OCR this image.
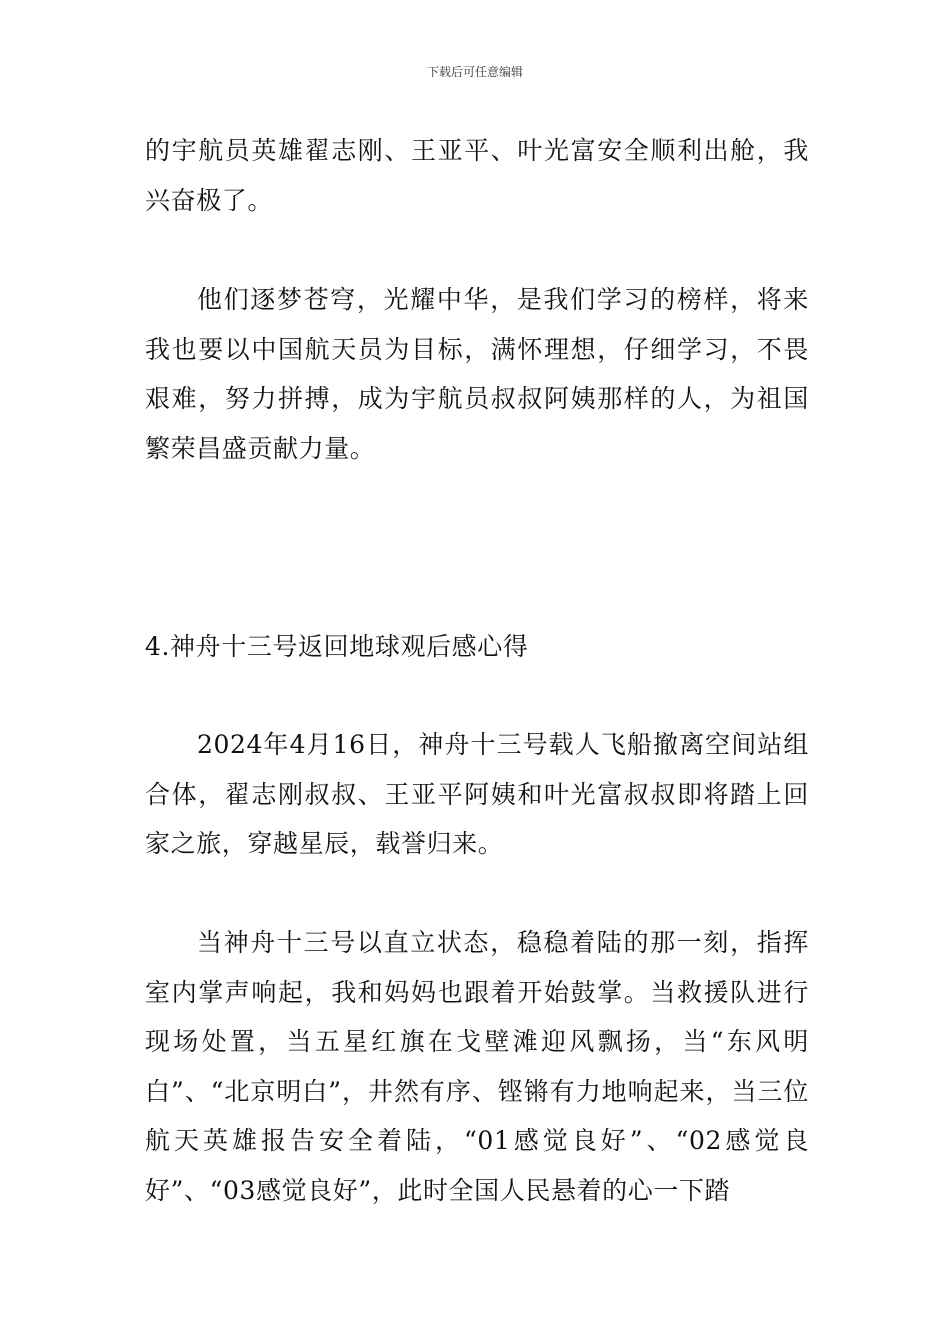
下载后可任意编辑

的宇航员英雄翟志刚、王亚平、叶光富安全顺利出舱，我兴奋极了。

他们逐梦苍穹，光耀中华，是我们学习的榜样，将来我也要以中国航天员为目标，满怀理想，仔细学习，不畏艰难，努力拼搏，成为宇航员叔叔阿姨那样的人，为祖国繁荣昌盛贡献力量。

4.神舟十三号返回地球观后感心得

2024年4月16日，神舟十三号载人飞船撤离空间站组合体，翟志刚叔叔、王亚平阿姨和叶光富叔叔即将踏上回家之旅，穿越星辰，载誉归来。

当神舟十三号以直立状态，稳稳着陆的那一刻，指挥室内掌声响起，我和妈妈也跟着开始鼓掌。当救援队进行现场处置，当五星红旗在戈壁滩迎风飘扬，当“东风明白”、“北京明白”，井然有序、铿锵有力地响起来，当三位航天英雄报告安全着陆，“01感觉良好”、“02感觉良好”、“03感觉良好”，此时全国人民悬着的心一下踏
